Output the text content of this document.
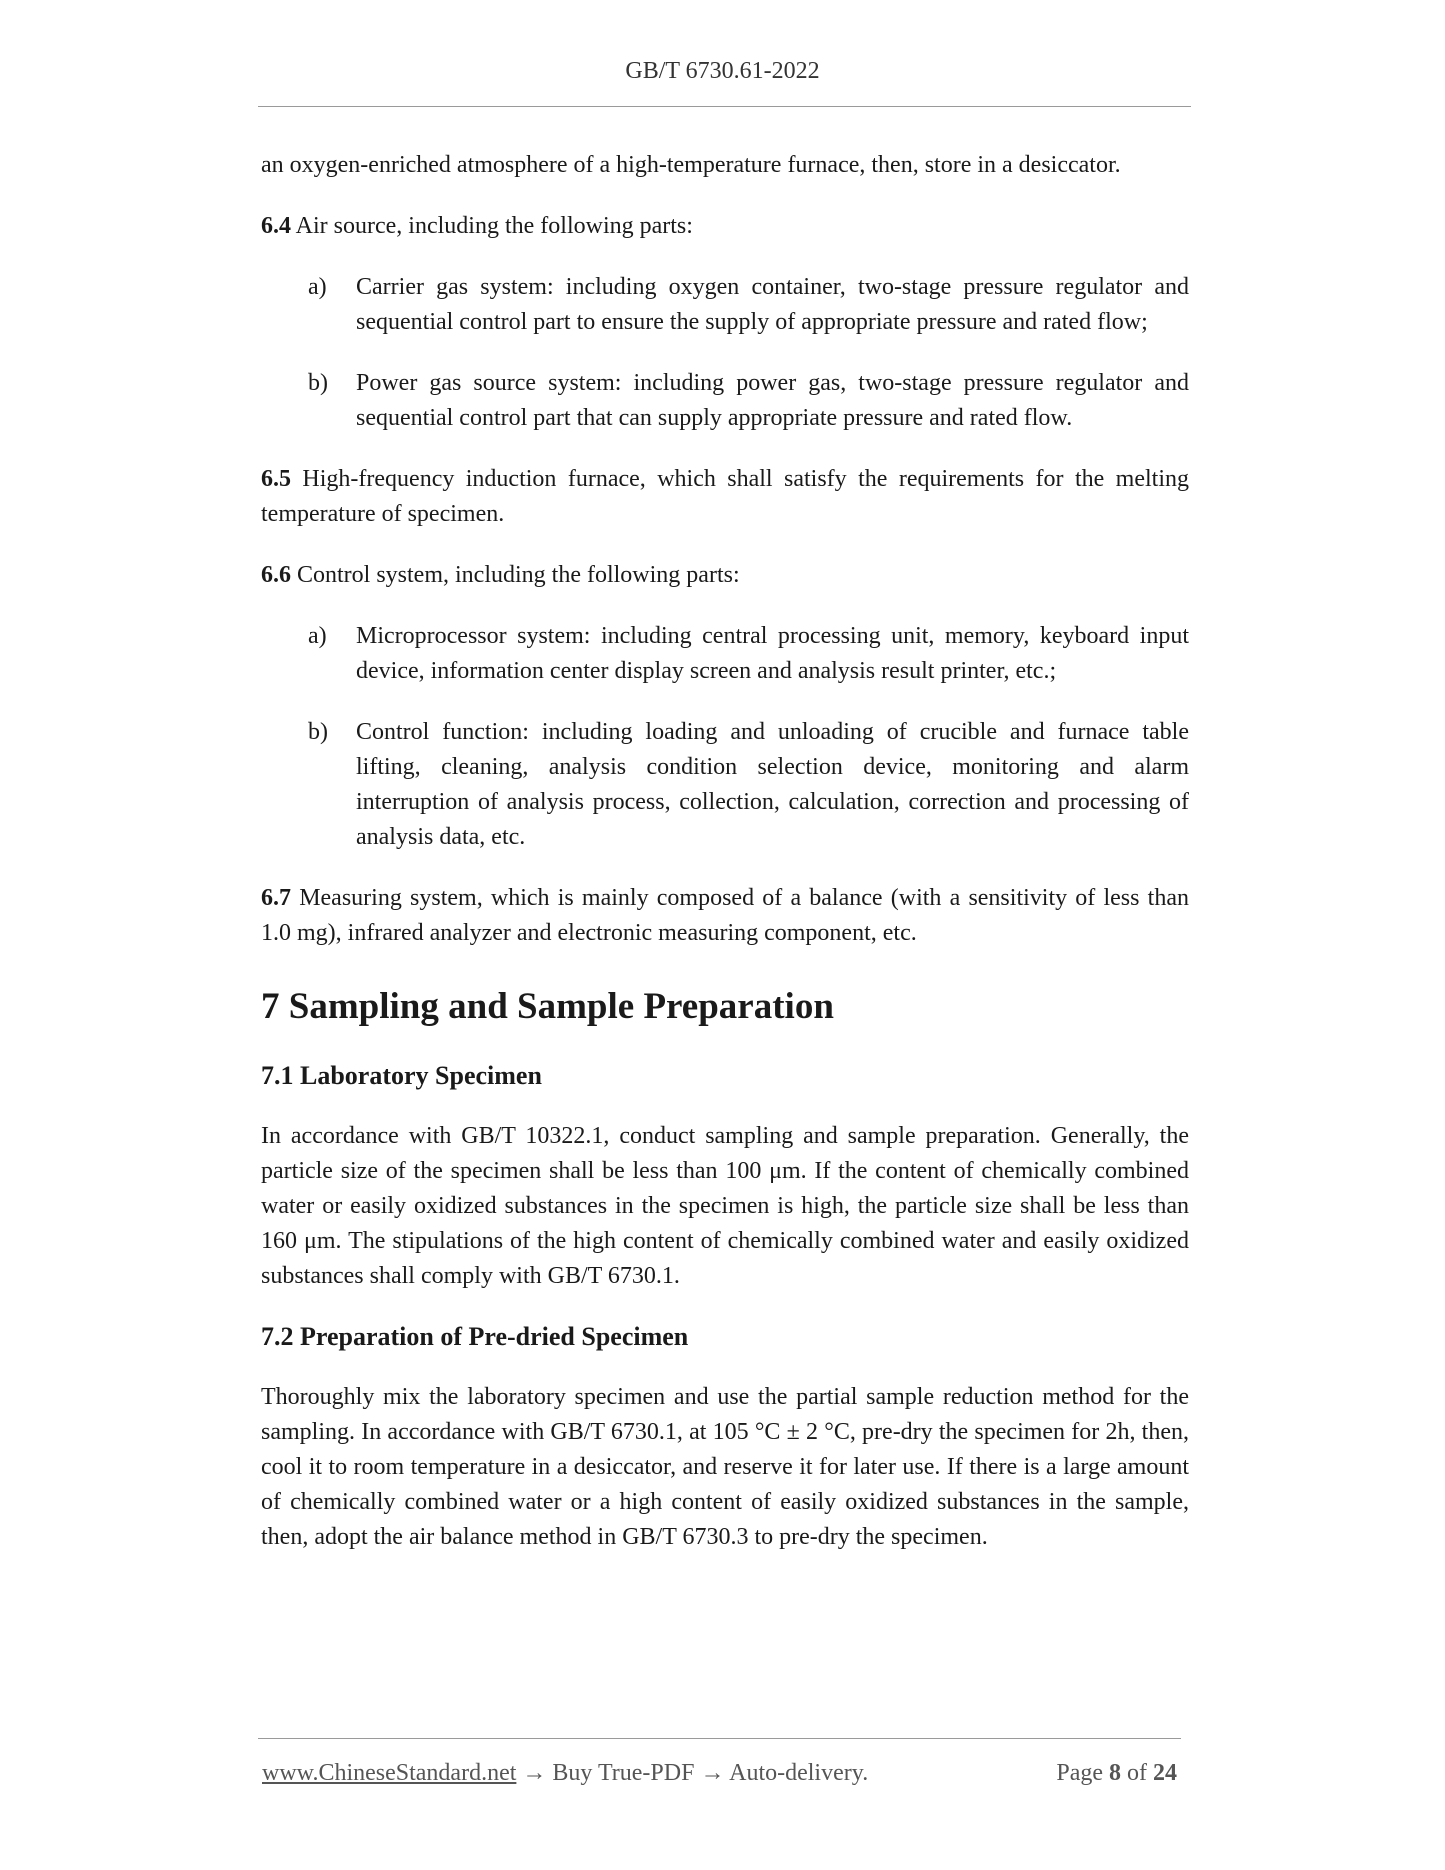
GB/T 6730.61-2022

an oxygen-enriched atmosphere of a high-temperature furnace, then, store in a desiccator.

6.4 Air source, including the following parts:

a) Carrier gas system: including oxygen container, two-stage pressure regulator and sequential control part to ensure the supply of appropriate pressure and rated flow;
b) Power gas source system: including power gas, two-stage pressure regulator and sequential control part that can supply appropriate pressure and rated flow.

6.5 High-frequency induction furnace, which shall satisfy the requirements for the melting temperature of specimen.

6.6 Control system, including the following parts:

a) Microprocessor system: including central processing unit, memory, keyboard input device, information center display screen and analysis result printer, etc.;
b) Control function: including loading and unloading of crucible and furnace table lifting, cleaning, analysis condition selection device, monitoring and alarm interruption of analysis process, collection, calculation, correction and processing of analysis data, etc.

6.7 Measuring system, which is mainly composed of a balance (with a sensitivity of less than 1.0 mg), infrared analyzer and electronic measuring component, etc.

7 Sampling and Sample Preparation
7.1 Laboratory Specimen

In accordance with GB/T 10322.1, conduct sampling and sample preparation. Generally, the particle size of the specimen shall be less than 100 μm. If the content of chemically combined water or easily oxidized substances in the specimen is high, the particle size shall be less than 160 μm. The stipulations of the high content of chemically combined water and easily oxidized substances shall comply with GB/T 6730.1.

7.2 Preparation of Pre-dried Specimen

Thoroughly mix the laboratory specimen and use the partial sample reduction method for the sampling. In accordance with GB/T 6730.1, at 105 °C ± 2 °C, pre-dry the specimen for 2h, then, cool it to room temperature in a desiccator, and reserve it for later use. If there is a large amount of chemically combined water or a high content of easily oxidized substances in the sample, then, adopt the air balance method in GB/T 6730.3 to pre-dry the specimen.

www.ChineseStandard.net → Buy True-PDF → Auto-delivery.	Page 8 of 24
